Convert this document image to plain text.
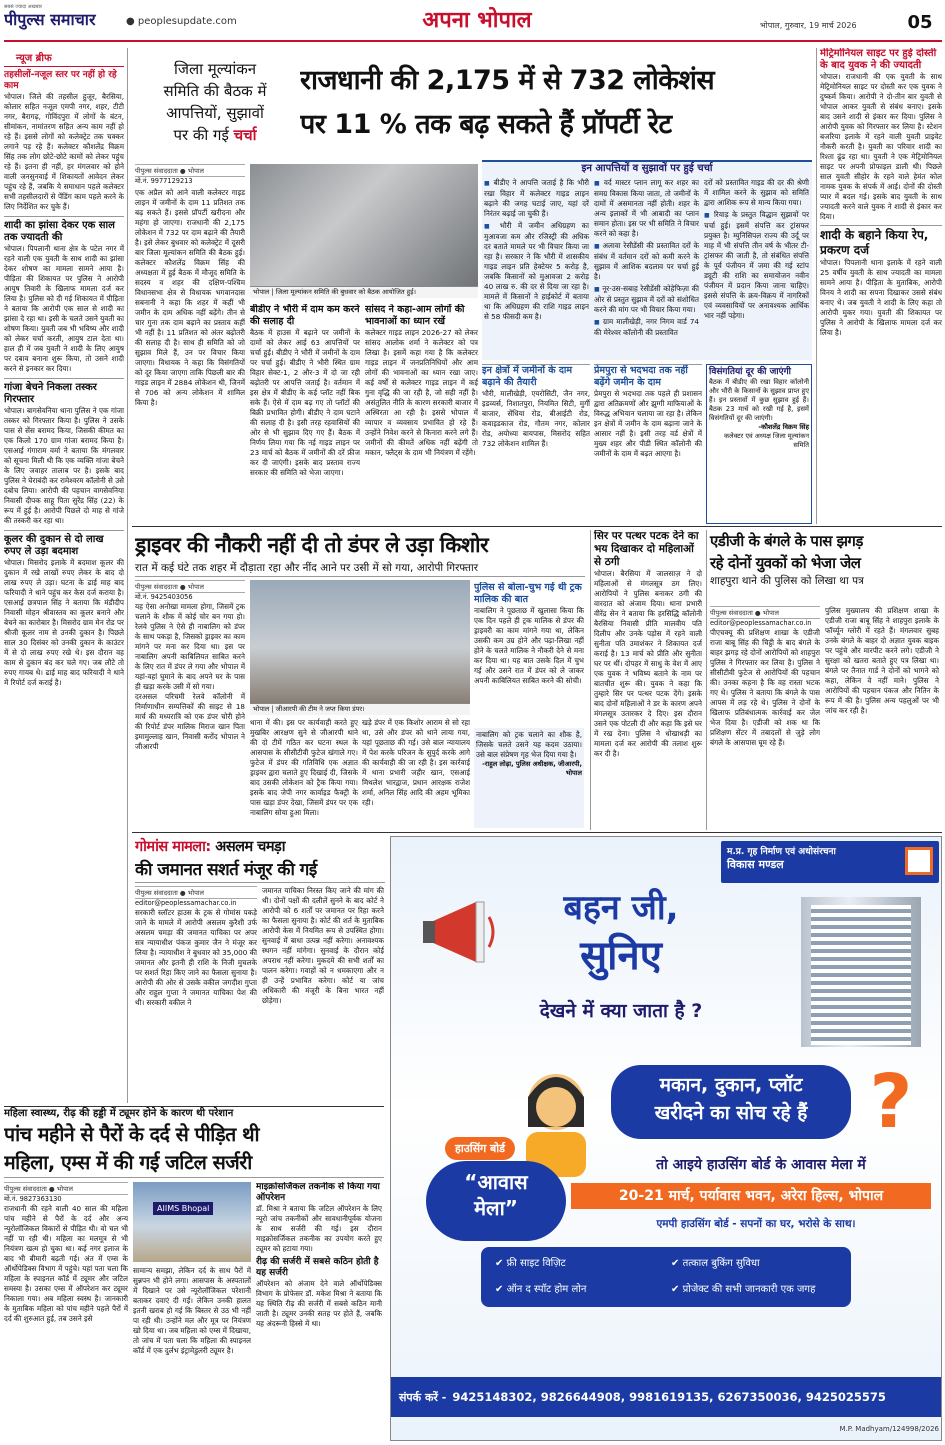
सबसे ज्यादा अखबार
पीपुल्स समाचार	● peoplesupdate.com	अपना भोपाल	भोपाल, गुरुवार, 19 मार्च 2026	05
न्यूज ब्रीफ
तहसीलों-नजूल स्तर पर नहीं हो रहे काम
भोपाल। जिले की तहसील हुजूर, बैरसिया, कोलार सहित नजूल एमपी नगर, शहर, टीटी नगर, बैरागढ़, गोविंदपुरा में लोगों के बंटन, सीमांकन, नामांतरण सहित अन्य काम नहीं हो रहे हैं। इससे लोगों को कलेक्ट्रेट तक चक्कर लगाने पड़ रहे हैं। कलेक्टर कौशलेंद्र विक्रम सिंह तक लोग छोटे-छोटे कामों को लेकर पहुंच रहे हैं। इतना ही नहीं, हर मंगलवार को होने वाली जनसुनवाई में शिकायतों आवेदन लेकर पहुंच रहे हैं, जबकि ये समाधान पहले कलेक्टर सभी तहसीलदारों से पेंडिंग काम पहले करने के लिए निर्देशित कर चुके हैं।
शादी का झांसा देकर एक साल तक ज्यादती की
भोपाल। पिपलानी थाना क्षेत्र के पटेल नगर में रहने वाली एक युवती के साथ शादी का झांसा देकर शोषण का मामला सामने आया है। पीड़िता की शिकायत पर पुलिस ने आरोपी आयुष तिवारी के खिलाफ मामला दर्ज कर लिया है। पुलिस को दी गई शिकायत में पीड़िता ने बताया कि आरोपी एक साल से शादी का झांसा दे रहा था। इसी के चलते उसने युवती का शोषण किया। युवती जब भी भविष्य और शादी को लेकर चर्चा करती, आयुष टाल देता था। हाल ही में जब युवती ने शादी के लिए आयुष पर दबाव बनाना शुरू किया, तो उसने शादी करने से इनकार कर दिया।
गांजा बेचने निकला तस्कर गिरफ्तार
भोपाल। बागसेवनिया थाना पुलिस ने एक गांजा तस्कर को गिरफ्तार किया है। पुलिस ने उसके पास से सेंस बरामद किया, जिसकी कीमत का एक किलो 170 ग्राम गांजा बरामद किया है। एसआई गंगाराम वर्मा ने बताया कि मंगलवार को सूचना मिली थी कि एक व्यक्ति गांजा बेचने के लिए जवाहर तालाब पर है। इसके बाद पुलिस ने घेराबंदी कर रामेश्वरम कॉलोनी से उसे दबोच लिया। आरोपी की पहचान वागसेवनिया निवासी दीपक साहू पिता सुरेंद्र सिंह (22) के रूप में हुई है। आरोपी पिछले दो माह से गांजे की तस्करी कर रहा था।
कूलर की दुकान से दो लाख रुपए ले उड़ा बदमाश
भोपाल। मिसरोद इलाके में बदमाश कूलर की दुकान में रखे लाखों रुपए लेकर के बाद दो लाख रुपए ले उड़ा। घटना के ढाई माह बाद फरियादी ने थाने पहुंच कर केस दर्ज कराया है। एसआई छत्रपाल सिंह ने बताया कि मंडीदीप निवासी मोहन श्रीवास्तव का कूलर बनाने और बेचने का कारोबार है। मिसरोद ग्राम मेन रोड पर श्रीजी कूलर नाम से उनकी दुकान है। पिछले साल 30 दिसंबर को उनकी दुकान के काउंटर में से दो लाख रुपए रखे थे। इस दौरान वह काम से दुकान बंद कर चले गए। जब लौटे तो रुपए गायब थे। ढाई माह बाद फरियादी ने थाने में रिपोर्ट दर्ज कराई है।
जिला मूल्यांकन
समिति की बैठक में
आपत्तियों, सुझावों
पर की गई चर्चा
राजधानी की 2,175 में से 732 लोकेशंस
पर 11 % तक बढ़ सकते हैं प्रॉपर्टी रेट
पीपुल्स संवाददाता ● भोपाल
मो.नं. 9977129213
एक अप्रैल को आने वाली कलेक्टर गाइड लाइन में जमीनों के दाम 11 प्रतिशत तक बढ़ सकते हैं। इससे प्रॉपर्टी खरीदना और महंगा हो जाएगा। राजधानी की 2,175 लोकेशन में 732 पर दाम बढ़ाने की तैयारी है। इसे लेकर बुधवार को कलेक्ट्रेट में दूसरी बार जिला मूल्यांकन समिति की बैठक हुई। कलेक्टर कौशलेंद्र विक्रम सिंह की अध्यक्षता में हुई बैठक में मौजूद समिति के सदस्य व शहर की दक्षिण-पश्चिम विधानसभा क्षेत्र से विधायक भगवानदास सबनानी ने कहा कि शहर में कहीं भी जमीन के दाम अधिक नहीं बढ़ेंगे। तीन से चार गुना तक दाम बढ़ाने का प्रस्ताव कहीं भी नहीं है। 11 प्रतिशत को अंतर बढ़ोतरी की सलाह दी है। साथ ही समिति को जो सुझाव मिले हैं, उन पर विचार किया जाएगा। विधायक ने कहा कि विसंगतियों को दूर किया जाएगा ताकि पिछली बार की गाइड लाइन में 2884 लोकेशन थी, जिनमें से 706 को अन्य लोकेशन में शामिल किया है।
भोपाल | जिला मूल्यांकन समिति की बुधवार को बैठक आयोजित हुई।
बीडीए ने भौरी में दाम कम करने की सलाह दी
बैठक में हाउस में बढ़ाने पर जमीनों के दामों को लेकर आई 63 आपत्तियों पर चर्चा हुई। बीडीए ने भौरी में जमीनों के दाम पर चर्चा हुई। बीडीए ने भौरी स्थित ग्राम विहार सेक्ट-1, 2 और-3 में दो जा रही बढ़ोतरी पर आपत्ति जताई है। वर्तमान में इस क्षेत्र में बीडीए के कई प्लॉट नहीं बिक सके हैं। ऐसे में दाम बढ़ गए तो प्लॉटों की बिक्री प्रभावित होगी। बीडीए ने दाम घटाने की सलाह दी है। इसी तरह रहवासियों की ओर से भी सुझाव दिए गए हैं। बैठक में निर्णय लिया गया कि नई गाइड लाइन पर 23 मार्च को बैठक में जमीनों की दरें फ्रीज कर दी जाएंगी। इसके बाद प्रस्ताव राज्य सरकार की समिति को भेजा जाएगा।
सांसद ने कहा-आम लोगों की भावनाओं का ध्यान रखें
कलेक्टर गाइड लाइन 2026-27 को लेकर सांसद आलोक शर्मा ने कलेक्टर को पत्र लिखा है। इसमें कहा गया है कि कलेक्टर गाइड लाइन में जनप्रतिनिधियों और आम लोगों की भावनाओं का ध्यान रखा जाए। कई वर्षों से कलेक्टर गाइड लाइन में कई गुना वृद्धि की जा रही है, जो सही नहीं है। असंतुलित नीति के कारण सरकारी बाजार में अस्थिरता आ रही है। इससे भोपाल में व्यापार व व्यवसाय प्रभावित हो रहे हैं। उन्होंने निवेश करने से किनारा करने लगे हैं। जमीनों की कीमतें अधिक नहीं बढ़ेंगी तो मकान, फ्लैट्स के दाम भी नियंत्रण में रहेंगे।
इन आपत्तियों व सुझावों पर हुई चर्चा
■ बीडीए ने आपत्ति जताई है कि भौरी रखा विहार में कलेक्टर गाइड लाइन बढ़ाने की जगह घटाई जाए, यहां दरें निरंतर बढ़ाई जा चुकी हैं।
■ भौरी में जमीन अधिग्रहण का मुआवजा कम और रजिस्ट्री की अधिक दर बताते मामले पर भी विचार किया जा रहा है। सरकार ने कि भौरी में शासकीय गाइड लाइन प्रति हेक्टेयर 5 करोड़ है, जबकि किसानों को मुआवजा 2 करोड़ 40 लाख रु. की दर से दिया जा रहा है। मामले में किसानों ने हाईकोर्ट में बताया था कि अधिग्रहण की राशि गाइड लाइन से 58 फीसदी कम है।
■ वर्द मास्टर प्लान लागू कर शहर का समग्र विकास किया जाता, तो जमीनों के दामों में असमानता नहीं होती। शहर के अन्य इलाकों में भी आबादी का प्लान समान होता। इस पर भी समिति ने विचार करने को कहा है।
■ अलावा रेसीडेंसी की प्रस्तावित दरों के संबंध में वर्तमान दरों को कमी करने के सुझाव में आशिक बदलाव पर चर्चा हुई है।
■ नूर-उस-सबाह रेसीडेंसी कोहेफिज़ा की ओर से प्रस्तुत सुझाव में दरों को संशोधित करने की मांग पर भी विचार किया गया।
■ ग्राम मालीखेड़ी, नगर निगम वार्ड 74 की मेरेश्वर कॉलोनी की प्रस्तावित
दरों को प्रस्तावित गाइड की दर की श्रेणी में शामिल करने के सुझाव को समिति द्वारा आशिक रूप से मान्य किया गया।
■ रियाड़ के प्रस्तुत विद्धान सुझावों पर चर्चा हुई। इसमें संपत्ति कर ट्रांसफर प्रयुक्त है। म्युनिसिपल राज्य की उर्दू पर माह में भी संपत्ति तीन वर्ष के भीतर टी-ट्रांसफर की जाती है, तो संबंधित संपत्ति के पूर्व पंजीयन में जमा की गई स्टांप ड्यूटी की राशि का समायोजन नवीन पंजीयन में प्रदान किया जाना चाहिए। इससे संपत्ति के क्रय-विक्रय में नागरिकों एवं व्यवसायियों पर अनावश्यक आर्थिक भार नहीं पड़ेगा।
इन क्षेत्रों में जमीनों के दाम बढ़ाने की तैयारी
भौरी, मालीखेड़ी, एयरोसिटी, जैन नगर, इडव्यर्स, निशातपुरा, नियमित सिटी, मुर्गी बाजार, सेंधिया रोड, बीआईटी रोड, कवाइडकाज रोड, गौतम नगर, कोलार रोड, अयोध्या बायपास, मिसरोद सहित 732 लोकेशन शामिल हैं।
प्रेमपुरा से भदभदा तक नहीं बढ़ेंगे जमीन के दाम
प्रेमपुरा से भदभदा तक पहले ही प्रशासन द्वारा अतिक्रमणों और झुग्गी माफियाओं के विरुद्ध अभियान चलाया जा रहा है। लेकिन इन क्षेत्रों में जमीन के दाम बढ़ाना जाने के आसार नहीं है। इसी तरह वर्ड क्षेत्रों में मुख्य शहर और पीडी स्थित कॉलोनी की जमीनों के दाम में बढ़त आएगा है।
विसंगतियां दूर की जाएंगी
बैठक में बीडीए की रखा विहार कॉलोनी और भौरी के किसानों के सुझाव प्राप्त हुए हैं। इन प्रस्तावों में कुछ सुझाव हुई हैं। बैठक 23 मार्च को रखी गई है, इसमें विसंगतियों दूर की जाएंगी।
-कौशलेंद्र विक्रम सिंह
कलेक्टर एवं अध्यक्ष जिला मूल्यांकन समिति
मेट्रिमोनियल साइट पर हुई दोस्ती के बाद युवक ने की ज्यादती
भोपाल। राजधानी की एक युवती के साथ मेट्रिमोनियल साइट पर दोस्ती कर एक युवक ने दुष्कर्म किया। आरोपी ने दो-तीन बार युवती से भोपाल आकर युवती से संबंध बनाए। इसके बाद उसने शादी से इंकार कर दिया। पुलिस ने आरोपी युवक को गिरफ्तार कर लिया है। स्टेशन बजरिया इलाके में रहने वाली युवती प्राइवेट नौकरी करती है। युवती का परिवार शादी का रिश्ता ढूंढ रहा था। युवती ने एक मेट्रिमोनियल साइट पर अपनी प्रोफाइल डाली थी। पिछले साल युवती सीहोर के रहने वाले हेमंत कोल नामक युवक के संपर्क में आई। दोनों की दोस्ती प्यार में बदल गई। इसके बाद युवती के साथ ज्यादती करने वाले युवक ने शादी से इंकार कर दिया।
शादी के बहाने किया रेप, प्रकरण दर्ज
भोपाल। पिपलानी थाना इलाके में रहने वाली 25 वर्षीय युवती के साथ ज्यादती का मामला सामने आया है। पीड़िता के मुताबिक, आरोपी विनय ने शादी का सपना दिखाकर उससे संबंध बनाए थे। जब युवती ने शादी के लिए कहा तो आरोपी मुकर गया। युवती की शिकायत पर पुलिस ने आरोपी के खिलाफ मामला दर्ज कर लिया है।
ड्राइवर की नौकरी नहीं दी तो डंपर ले उड़ा किशोर
रात में कई घंटे तक शहर में दौड़ाता रहा और नींद आने पर उसी में सो गया, आरोपी गिरफ्तार
पीपुल्स संवाददाता ● भोपाल
मो.नं. 9425403056
यह ऐसा अनोखा मामला होगा, जिसमें ट्रक चलाने के शौक में कोई चोर बन गया हो। रेलवे पुलिस ने ऐसे ही नाबालिग को डंपर के साथ पकड़ा है, जिसको ड्राइवर का काम मांगने पर मना कर दिया था। इस पर नाबालिग अपनी काबिलियत साबित करने के लिए रात में डंपर ले गया और भोपाल में यहां-वहां घुमाने के बाद अपने घर के पास ही खड़ा करके उसी में सो गया।
दरअसल परिचमी रेलवे कॉलोनी में निर्माणाधीन सम्पत्तिकों की साइट से 18 मार्च की मध्यरात्रि को एक डंपर चोरी होने की रिपोर्ट डंपर मालिक मिराज खान पिता इमामुल्लाह खान, निवासी करोंद भोपाल ने जीआरपी
भोपाल | जीआरपी की टीम ने जप्त किया डंपर।
थाना में की। इस पर कार्यवाही करते हुए मुखबिर आरक्षण सुने से जीआरपी थाने की दो टीमें गठित कर घटना स्थल के आसपास के सीसीटीवी फुटेज खंगाले गए। फुटेज में डंपर की गतिविधि एक अज्ञात ड्राइवर द्वारा चलाते हुए दिखाई दी, जिसके बाद उसकी लोकेशन को ट्रैक किया गया। इसके बाद जेपी नगर कार्वाइड फैक्ट्री के पास खड़ा डंपर देखा, जिसमें डंपर पर एक नाबालिग सोया हुआ मिला।
खड़े डंपर में एक किशोर आराम से सो रहा था, उसे और डंपर को थाने लाया गया, यहां पूछताछ की गई। उसे बाल न्यायालय में पेश करके परिजन के सुपुर्द करके आगे की कार्यवाही की जा रही है। इस कार्रवाई में थाना प्रभारी जहीर खान, एसआई मिथलेश भारद्वाज, प्रधान आरक्षक राजेश शर्मा, अनिल सिंह आदि की अहम भूमिका रही।
पुलिस से बोला-चुभ गई थी ट्रक मालिक की बात
नाबालिग ने पूछताछ में खुलासा किया कि एक दिन पहले ही ट्रक मालिक से डंपर की ड्राइवरी का काम मांगने गया था, लेकिन उसकी कम उम्र होने और पढ़ा-लिखा नहीं होने के चलते मालिक ने नौकरी देने से मना कर दिया था। यह बात उसके दिल में चुभ गई और उसने रात में डंपर को ले जाकर अपनी काबिलियत साबित करने की सोची।
नाबालिग को ट्रक चलाने का शौक है, जिसके चलते उसने यह कदम उठाया। उसे बाल संप्रेषण गृह भेज दिया गया है।
-राहुल लोढ़ा, पुलिस अधीक्षक, जीआरपी, भोपाल
सिर पर पत्थर पटक देने का भय दिखाकर दो महिलाओं से ठगी
भोपाल। बैरसिया में जालसाज़ ने दो महिलाओं से मंगलसूत्र ठग लिए। आरोपियों ने पुलिस बनाकर ठगी की वारदात को अंजाम दिया। थाना प्रभारी वीरेंद्र सेन ने बताया कि हरसिद्धि कॉलोनी बैरसिया निवासी प्रीति मालवीय पति दिलीप और उनके पड़ोस में रहने वाली सुनीता पति उमाशंकर ने शिकायत दर्ज कराई है। 13 मार्च को प्रीति और सुनीता घर पर थीं। दोपहर में साधु के वेश में आए एक युवक ने भविष्य बताने के नाम पर बातचीत शुरू की। युवक ने कहा कि तुम्हारे सिर पर पत्थर पटक देंगे। इसके बाद दोनों महिलाओं ने डर के कारण अपने मंगलसूत्र उतारकर दे दिए। इस दौरान उसने एक पोटली दी और कहा कि इसे घर में रख देना। पुलिस ने धोखाधड़ी का मामला दर्ज कर आरोपी की तलाश शुरू कर दी है।
एडीजी के बंगले के पास झगड़
रहे दोनों युवकों को भेजा जेल
शाहपुरा थाने की पुलिस को लिखा था पत्र
पीपुल्स संवाददाता ● भोपाल
editor@peoplessamachar.co.in
पीएचक्यू की प्रशिक्षण शाखा के एडीजी राजा बाबू सिंह की चिट्ठी के बाद बंगले के बाहर झगड़ रहे दोनों आरोपियों को शाहपुरा पुलिस ने गिरफ्तार कर लिया है। पुलिस ने सीसीटीवी फुटेज से आरोपियों की पहचान की। उनका कहना है कि वह रास्ता भटक गए थे। पुलिस ने बताया कि बंगले के पास आपस में लड़ रहे थे। पुलिस ने दोनों के खिलाफ प्रतिबंधात्मक कार्रवाई कर जेल भेज दिया है। एडीजी को शक था कि प्रशिक्षण सेंटर में तबादलों से जुड़े लोग बंगले के आसपास घूम रहे हैं।
पुलिस मुख्यालय की प्रशिक्षण शाखा के एडीजी राजा बाबू सिंह ने शाहपुरा इलाके के फॉर्च्यून ग्लोरी में रहते हैं। मंगलवार सुबह उनके बंगले के बाहर दो अज्ञात युवक बाइक पर पहुंचे और मारपीट करने लगे। एडीजी ने सुरक्षा को खतरा बताते हुए पत्र लिखा था। बंगले पर तैनात गार्ड ने दोनों को भागने को कहा, लेकिन वे नहीं माने। पुलिस ने आरोपियों की पहचान पंकज और नितिन के रूप में की है। पुलिस अन्य पहलुओं पर भी जांच कर रही है।
गोमांस मामला: असलम चमड़ा
की जमानत सशर्त मंजूर की गई
पीपुल्स संवाददाता ● भोपाल
editor@peoplessamachar.co.in
सरकारी स्लॉटर हाउस के ट्रक से गोमांस पकड़े जाने के मामले में आरोपी असलम कुरैशी उर्फ असलम चमड़ा की जमानत याचिका पर अपर सत्र न्यायाधीश पंकज कुमार जैन ने मंजूर कर लिया है। न्यायाधीश ने बुधवार को 35,000 की जमानत और इतनी ही राशि के निजी मुचलके पर सशर्त रिहा किए जाने का फैसला सुनाया है। आरोपी की ओर से उसके वकील जगदीश गुप्ता और राहुल गुप्ता ने जमानत याचिका पेश की थी। सरकारी वकील ने
जमानत याचिका निरस्त किए जाने की मांग की थी। दोनों पक्षों की दलीलें सुनने के बाद कोर्ट ने आरोपी को 6 शर्तों पर जमानत पर रिहा करने का फैसला सुनाया है। कोर्ट की शर्त के मुताबिक आरोपी केस में नियमित रूप से उपस्थित होगा। सुनवाई में बाधा उत्पन्न नहीं करेगा। अनावश्यक स्थगन नहीं मांगेगा। सुनवाई के दौरान कोई अपराध नहीं करेगा। मुकदमे की सभी शर्तों का पालन करेगा। गवाहों को न धमकाएगा और न ही उन्हें प्रभावित करेगा। कोर्ट या जांच अधिकारी की मंजूरी के बिना भारत नहीं छोड़ेगा।
महिला स्वास्थ्य, रीढ़ की हड्डी में ट्यूमर होने के कारण थी परेशान
पांच महीने से पैरों के दर्द से पीड़ित थी
महिला, एम्स में की गई जटिल सर्जरी
पीपुल्स संवाददाता ● भोपाल
मो.नं. 9827363130
राजधानी की रहने वाली 40 साल की महिला पांच महीने से पैरों के दर्द और अन्य न्यूरोलॉजिकल विकारों से पीड़ित थी। वो चल भी नहीं पा रही थी। महिला का मलमूत्र से भी नियंत्रण खत्म हो चुका था। कई नगर इलाज के बाद भी बीमारी बढ़ती गई। अंत में एम्स के ऑर्थोपेडिक्स विभाग में पहुंचे। यहां पता चला कि महिला के स्पाइनल कॉर्ड में ट्यूमर और जटिल समस्या है। उसका एम्स में ऑपरेशन कर ट्यूमर निकाला गया। अब महिला स्वस्थ है। जानकारी के मुताबिक महिला को पांच महीने पहले पैरों में दर्द की शुरुआत हुई, तब उसने इसे
AIIMS Bhopal
सामान्य समझा, लेकिन दर्द के साथ पैरों में सुन्नपन भी होने लगा। आसपास के अस्पतालों में दिखाने पर उसे न्यूरोलॉजिकल परेशानी बताकर दवाएं दी गईं। लेकिन उनकी हालत इतनी खराब हो गई कि बिस्तर से उठ भी नहीं पा रही थी। उन्होंने मल और मूत्र पर नियंत्रण खो दिया था। जब महिला को एम्स में दिखाया, तो जांच में पता चला कि महिला की स्पाइनल कॉर्ड में एक दुर्लभ इंट्रामेडुलरी ट्यूमर है।
माइक्रोसर्जिकल तकनीक से किया गया ऑपरेशन
डॉ. मिश्रा ने बताया कि जटिल ऑपरेशन के लिए न्यूरो जांच तकनीकों और सावधानीपूर्वक योजना के साथ सर्जरी की गई। इस दौरान माइक्रोसर्जिकल तकनीक का उपयोग करते हुए ट्यूमर को हटाया गया।
रीढ़ की सर्जरी में सबसे कठिन होती है यह सर्जरी
ऑपरेशन को अंजाम देने वाले ऑर्थोपेडिक्स विभाग के प्रोफेसर डॉ. मकेश मिश्रा ने बताया कि यह स्थिति रीढ़ की सर्जरी में सबसे कठिन मानी जाती है। ट्यूमर उनकी सतह पर होते हैं, जबकि यह अंदरूनी हिस्से में था।
म.प्र. गृह निर्माण एवं अधोसंरचना
विकास मण्डल
बहन जी,
सुनिए
देखने में क्या जाता है ?
हाउसिंग बोर्ड
“आवास
मेला”
मकान, दुकान, प्लॉट
खरीदने का सोच रहे हैं ?
तो आइये हाउसिंग बोर्ड के आवास मेला में
20-21 मार्च, पर्यावास भवन, अरेरा हिल्स, भोपाल
एमपी हाउसिंग बोर्ड - सपनों का घर, भरोसे के साथ।
✔ फ्री साइट विज़िट	✔ तत्काल बुकिंग सुविधा
✔ ऑन द स्पॉट होम लोन	✔ प्रोजेक्ट की सभी जानकारी एक जगह
संपर्क करें - 9425148302, 9826644908, 9981619135, 6267350036, 9425025575
M.P. Madhyam/124998/2026
